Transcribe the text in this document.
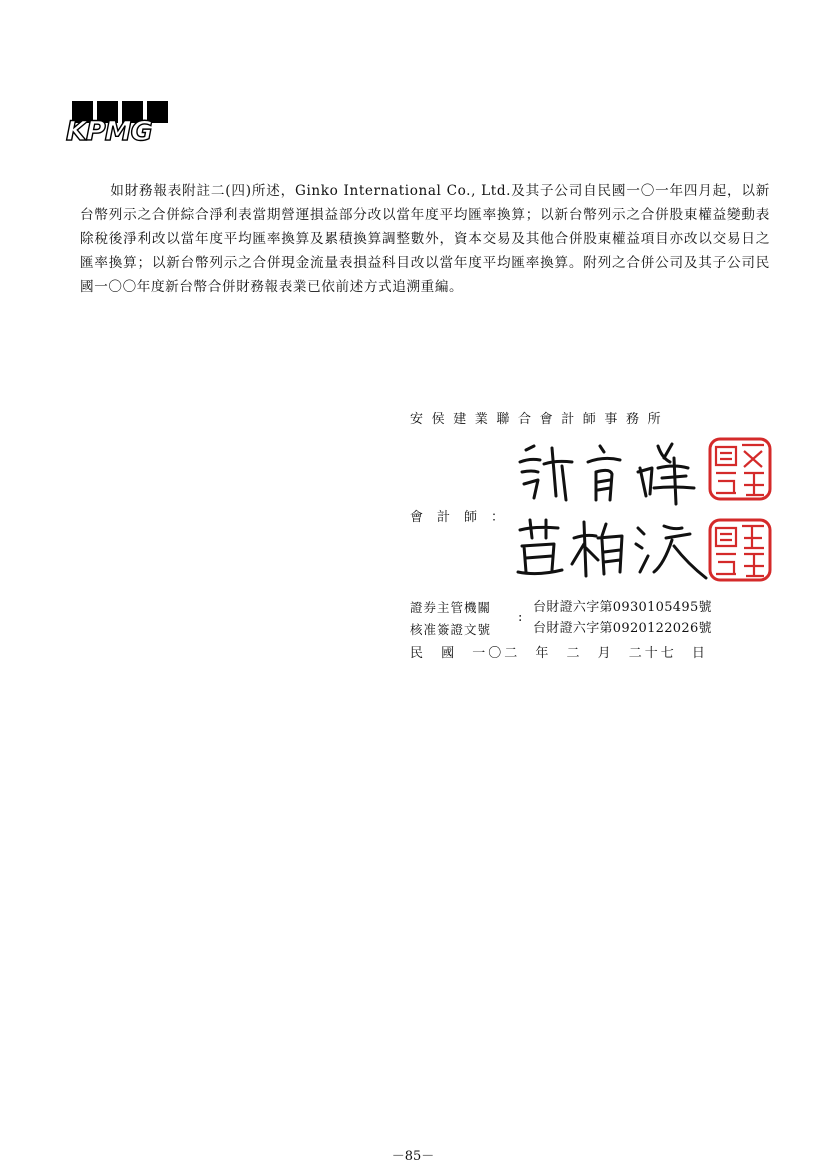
KPMG
如財務報表附註二(四)所述，Ginko International Co., Ltd.及其子公司自民國一〇一年四月起，以新台幣列示之合併綜合淨利表當期營運損益部分改以當年度平均匯率換算；以新台幣列示之合併股東權益變動表除稅後淨利改以當年度平均匯率換算及累積換算調整數外，資本交易及其他合併股東權益項目亦改以交易日之匯率換算；以新台幣列示之合併現金流量表損益科目改以當年度平均匯率換算。附列之合併公司及其子公司民國一〇〇年度新台幣合併財務報表業已依前述方式追溯重編。
安侯建業聯合會計師事務所
會計師：
證券主管機關
核准簽證文號
:
台財證六字第0930105495號
台財證六字第0920122026號
民 國 一〇二 年 二 月 二十七 日
－85－
